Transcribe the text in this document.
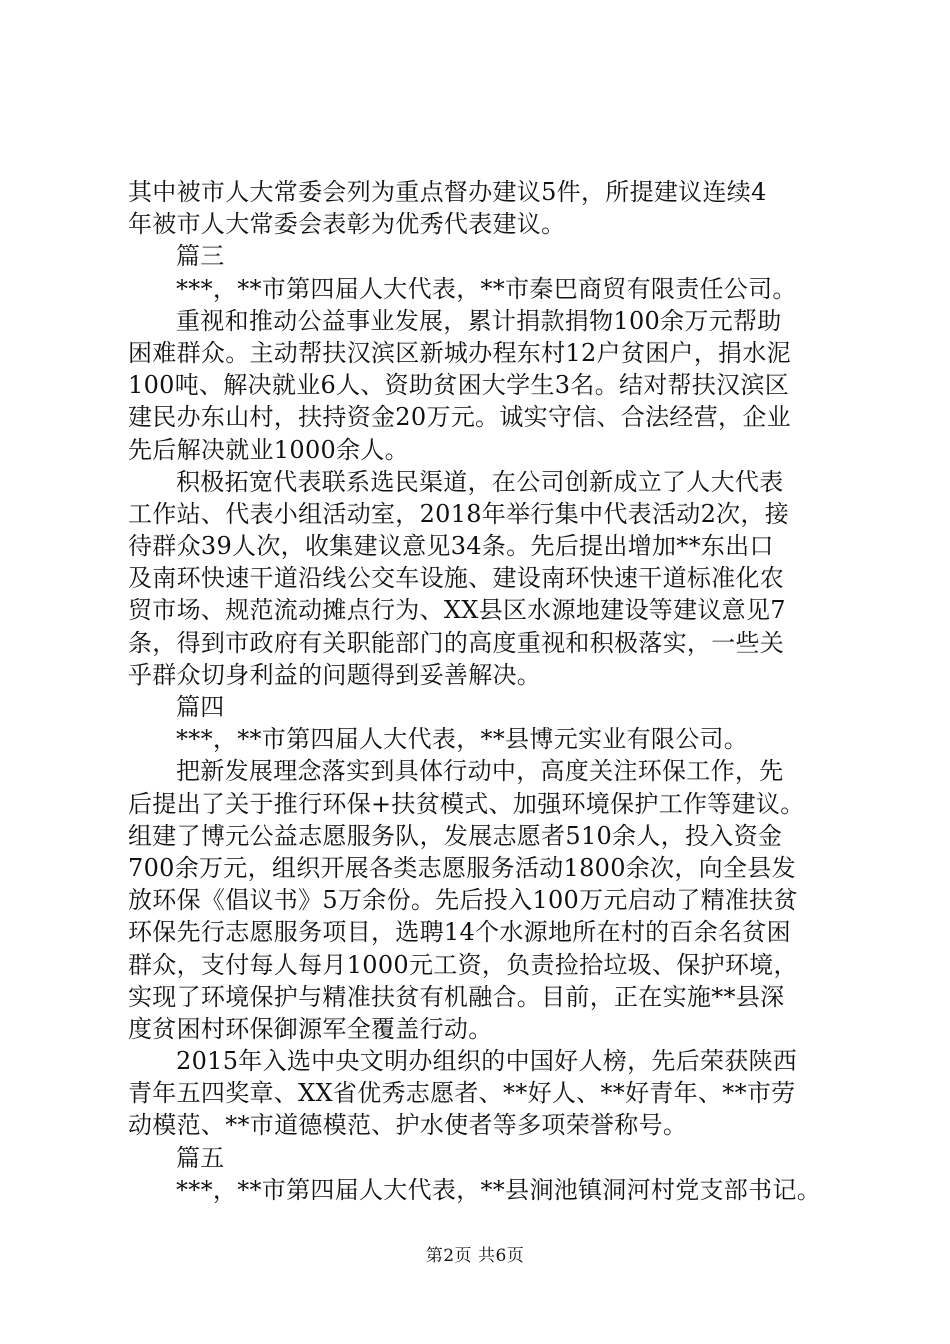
其中被市人大常委会列为重点督办建议5件，所提建议连续4
年被市人大常委会表彰为优秀代表建议。
篇三
***，**市第四届人大代表，**市秦巴商贸有限责任公司。
重视和推动公益事业发展，累计捐款捐物100余万元帮助
困难群众。主动帮扶汉滨区新城办程东村12户贫困户，捐水泥
100吨、解决就业6人、资助贫困大学生3名。结对帮扶汉滨区
建民办东山村，扶持资金20万元。诚实守信、合法经营，企业
先后解决就业1000余人。
积极拓宽代表联系选民渠道，在公司创新成立了人大代表
工作站、代表小组活动室，2018年举行集中代表活动2次，接
待群众39人次，收集建议意见34条。先后提出增加**东出口
及南环快速干道沿线公交车设施、建设南环快速干道标准化农
贸市场、规范流动摊点行为、XX县区水源地建设等建议意见7
条，得到市政府有关职能部门的高度重视和积极落实，一些关
乎群众切身利益的问题得到妥善解决。
篇四
***，**市第四届人大代表，**县博元实业有限公司。
把新发展理念落实到具体行动中，高度关注环保工作，先
后提出了关于推行环保+扶贫模式、加强环境保护工作等建议。
组建了博元公益志愿服务队，发展志愿者510余人，投入资金
700余万元，组织开展各类志愿服务活动1800余次，向全县发
放环保《倡议书》5万余份。先后投入100万元启动了精准扶贫
环保先行志愿服务项目，选聘14个水源地所在村的百余名贫困
群众，支付每人每月1000元工资，负责捡拾垃圾、保护环境，
实现了环境保护与精准扶贫有机融合。目前，正在实施**县深
度贫困村环保御源军全覆盖行动。
2015年入选中央文明办组织的中国好人榜，先后荣获陕西
青年五四奖章、XX省优秀志愿者、**好人、**好青年、**市劳
动模范、**市道德模范、护水使者等多项荣誉称号。
篇五
***，**市第四届人大代表，**县涧池镇洞河村党支部书记。
第2页 共6页
